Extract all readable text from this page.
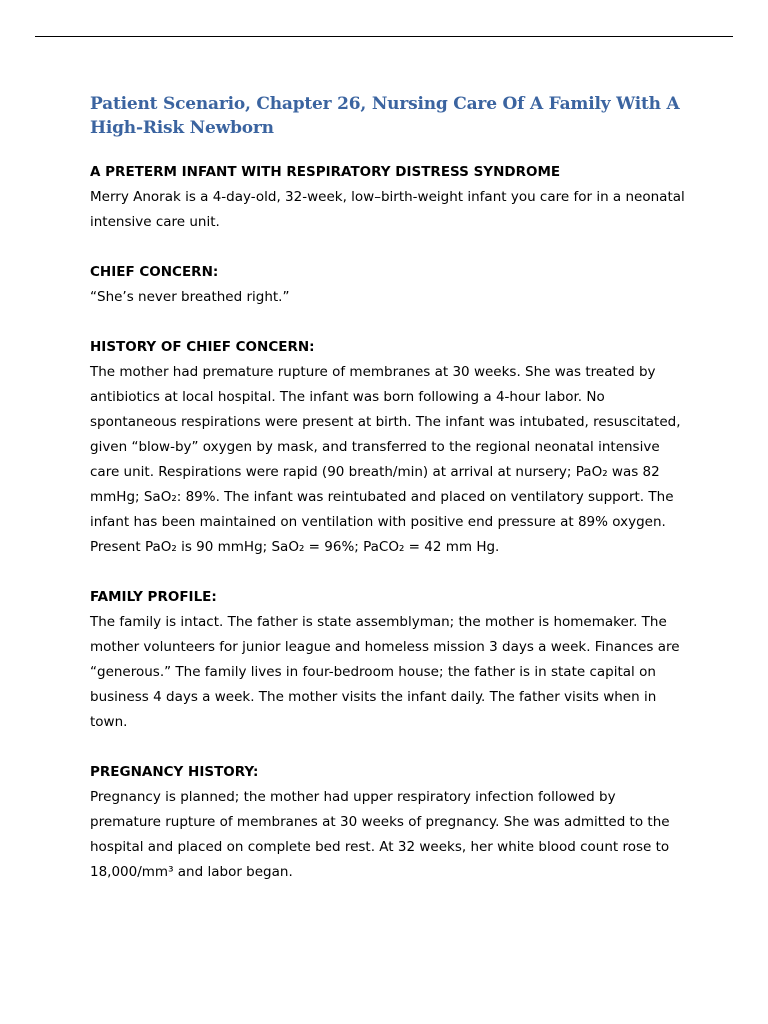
Patient Scenario, Chapter 26, Nursing Care Of A Family With A High-Risk Newborn

A PRETERM INFANT WITH RESPIRATORY DISTRESS SYNDROME

Merry Anorak is a 4-day-old, 32-week, low–birth-weight infant you care for in a neonatal intensive care unit.

CHIEF CONCERN:

“She’s never breathed right.”

HISTORY OF CHIEF CONCERN:

The mother had premature rupture of membranes at 30 weeks. She was treated by antibiotics at local hospital. The infant was born following a 4-hour labor. No spontaneous respirations were present at birth. The infant was intubated, resuscitated, given “blow-by” oxygen by mask, and transferred to the regional neonatal intensive care unit. Respirations were rapid (90 breath/min) at arrival at nursery; PaO₂ was 82 mmHg; SaO₂: 89%. The infant was reintubated and placed on ventilatory support. The infant has been maintained on ventilation with positive end pressure at 89% oxygen. Present PaO₂ is 90 mmHg; SaO₂ = 96%; PaCO₂ = 42 mm Hg.

FAMILY PROFILE:

The family is intact. The father is state assemblyman; the mother is homemaker. The mother volunteers for junior league and homeless mission 3 days a week. Finances are “generous.” The family lives in four-bedroom house; the father is in state capital on business 4 days a week. The mother visits the infant daily. The father visits when in town.

PREGNANCY HISTORY:

Pregnancy is planned; the mother had upper respiratory infection followed by premature rupture of membranes at 30 weeks of pregnancy. She was admitted to the hospital and placed on complete bed rest. At 32 weeks, her white blood count rose to 18,000/mm³ and labor began.
